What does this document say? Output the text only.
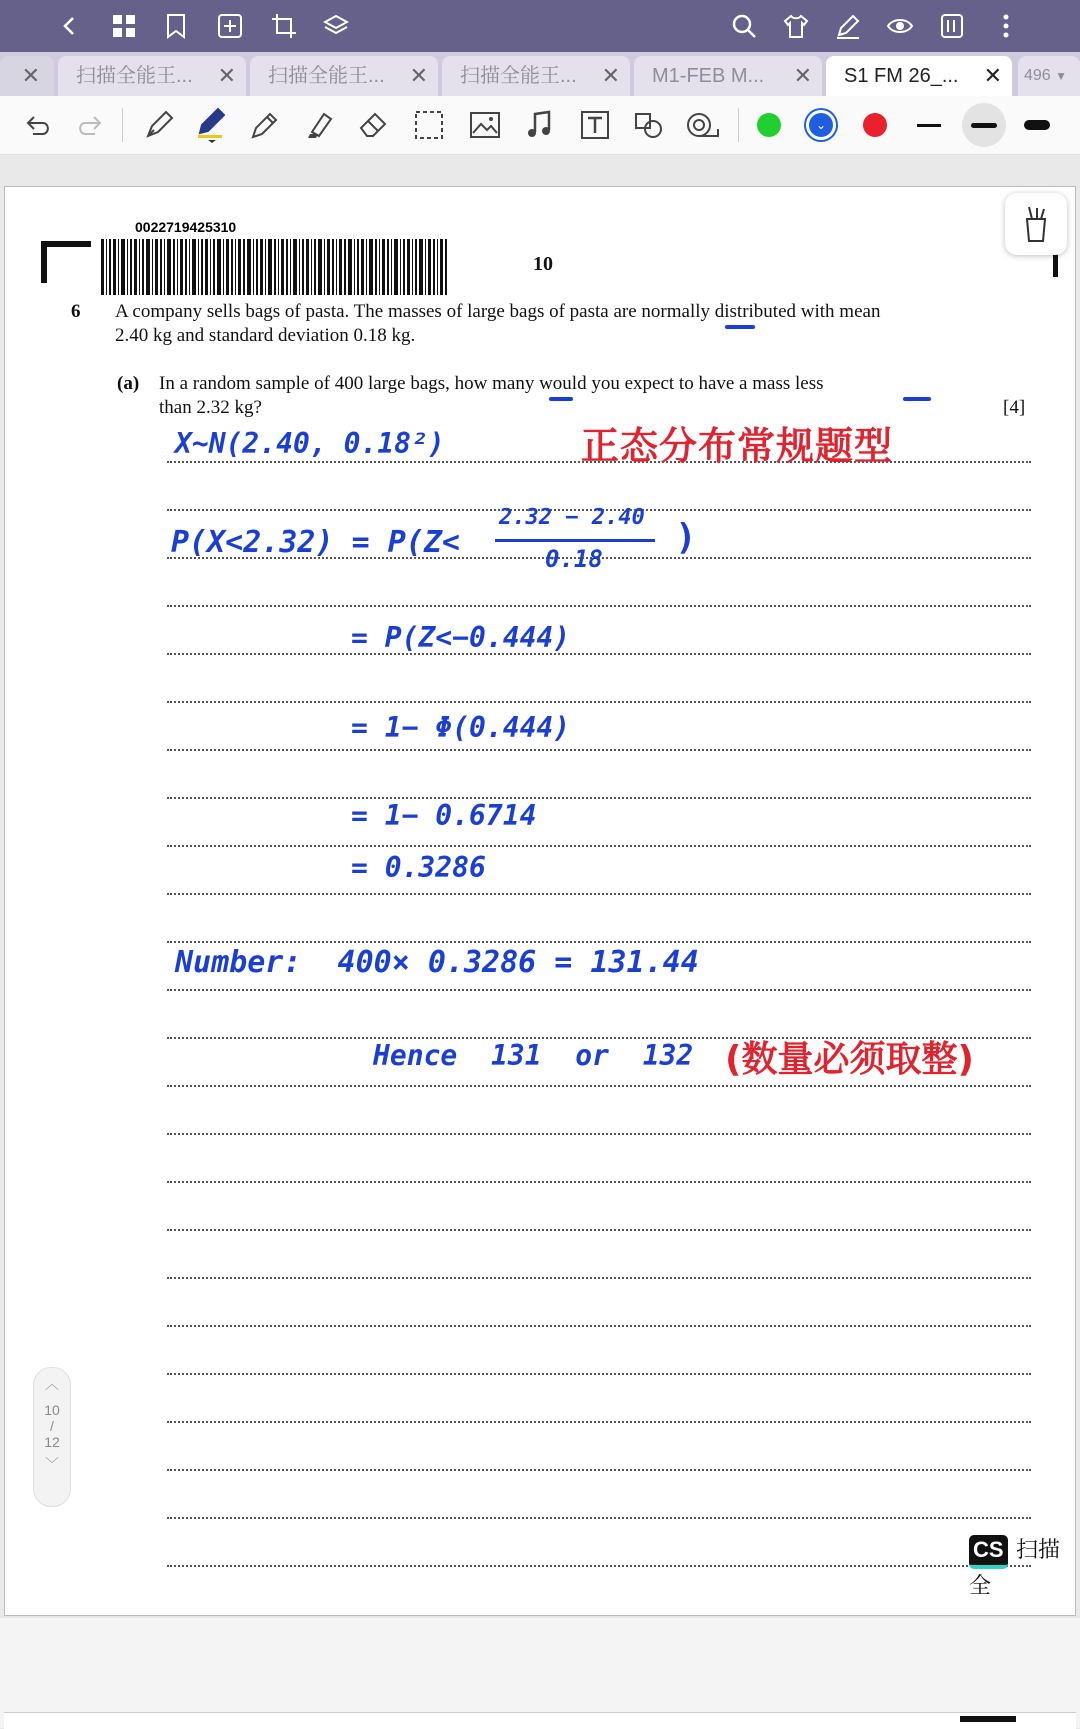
✕	扫描全能王... ✕	扫描全能王... ✕	扫描全能王... ✕	M1-FEB M... ✕	S1 FM 26_... ✕	496 ▼
⌄
0022719425310
10
6 A company sells bags of pasta. The masses of large bags of pasta are normally distributed with mean
2.40 kg and standard deviation 0.18 kg.
(a) In a random sample of 400 large bags, how many would you expect to have a mass less
than 2.32 kg?	[4]
X~N(2.40, 0.18²)	正态分布常规题型
P(X<2.32) = P(Z<
2.32 − 2.40
0.18
)
= P(Z<−0.444)
= 1− Φ(0.444)
= 1− 0.6714
= 0.3286
Number:  400× 0.3286 = 131.44
Hence  131  or  132 (数量必须取整)
︿
10
/
12
﹀
CS 扫描全
